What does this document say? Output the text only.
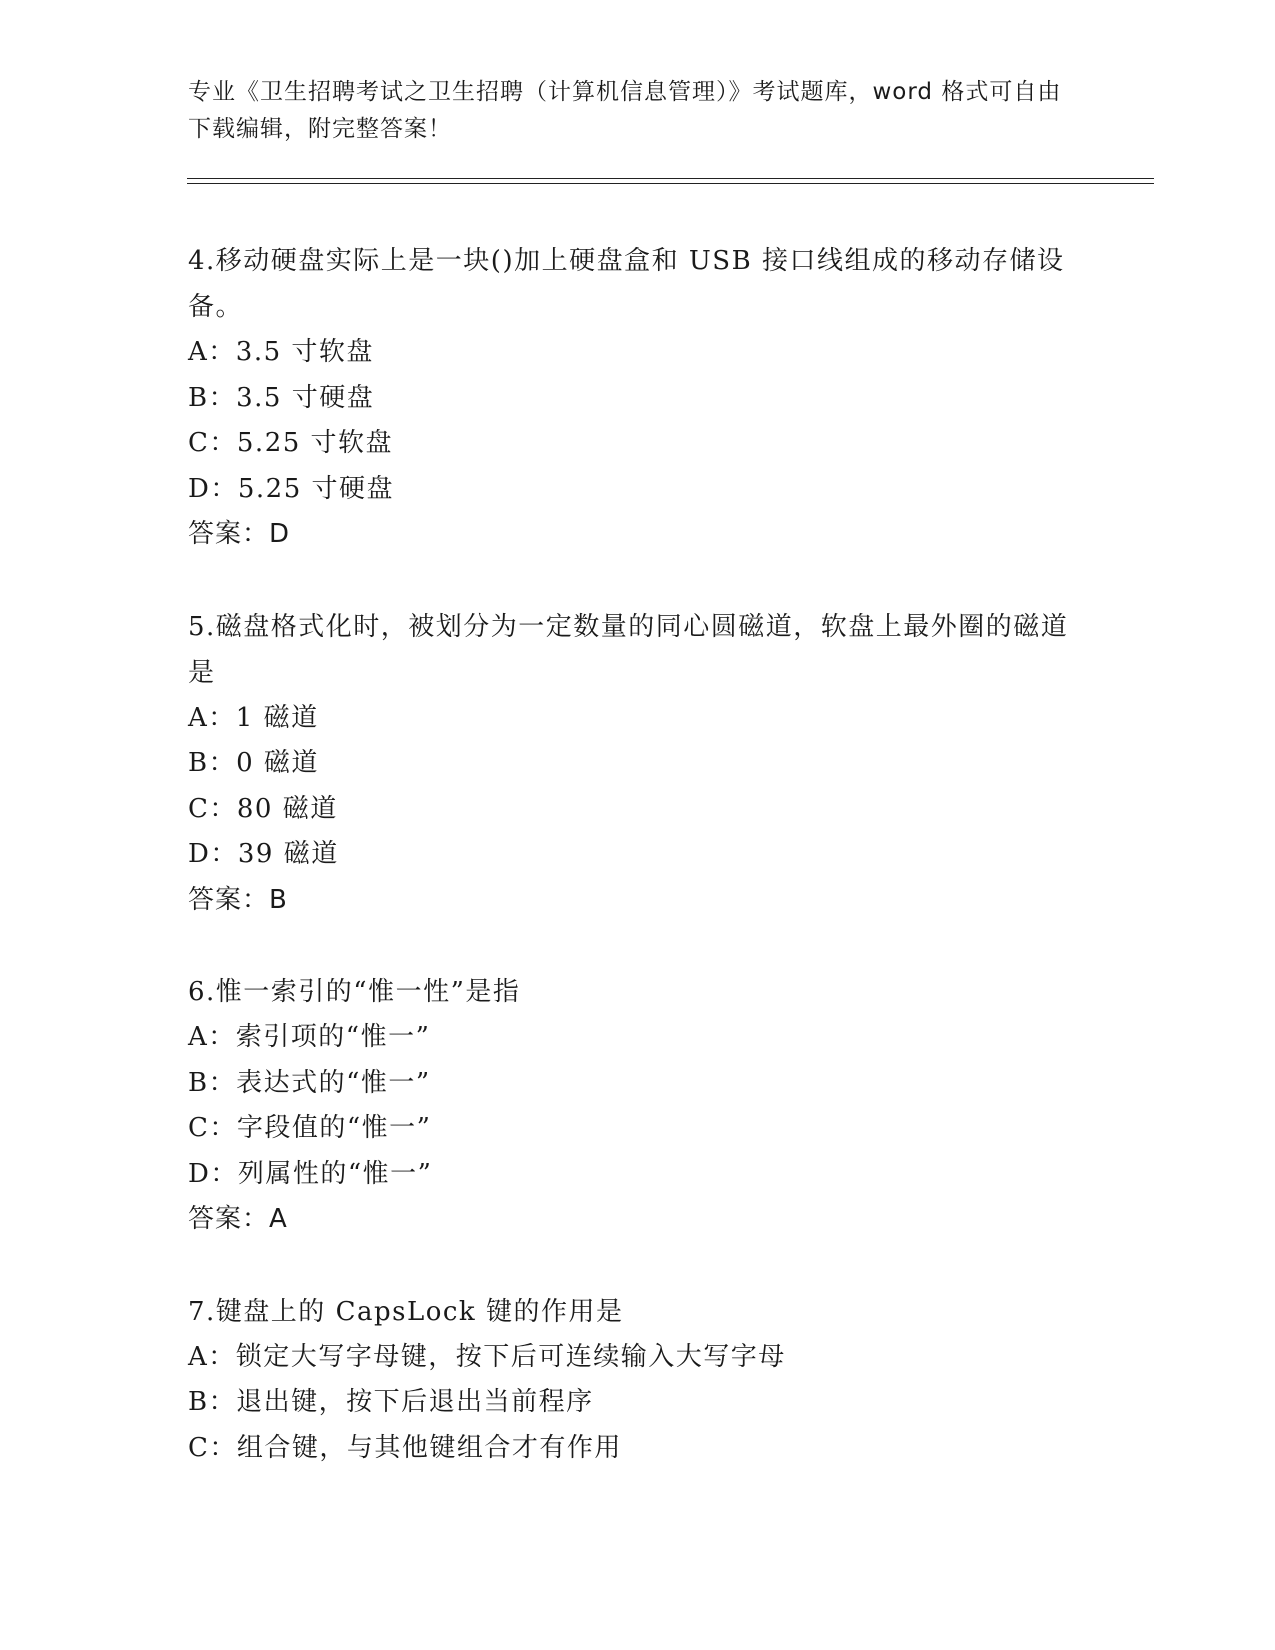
专业《卫生招聘考试之卫生招聘（计算机信息管理）》考试题库，word 格式可自由下载编辑，附完整答案！

4.移动硬盘实际上是一块()加上硬盘盒和 USB 接口线组成的移动存储设备。

A：3.5 寸软盘
B：3.5 寸硬盘
C：5.25 寸软盘
D：5.25 寸硬盘
答案：D

5.磁盘格式化时，被划分为一定数量的同心圆磁道，软盘上最外圈的磁道是

A：1 磁道
B：0 磁道
C：80 磁道
D：39 磁道
答案：B

6.惟一索引的“惟一性”是指

A：索引项的“惟一”
B：表达式的“惟一”
C：字段值的“惟一”
D：列属性的“惟一”
答案：A

7.键盘上的 CapsLock 键的作用是

A：锁定大写字母键，按下后可连续输入大写字母
B：退出键，按下后退出当前程序
C：组合键，与其他键组合才有作用
